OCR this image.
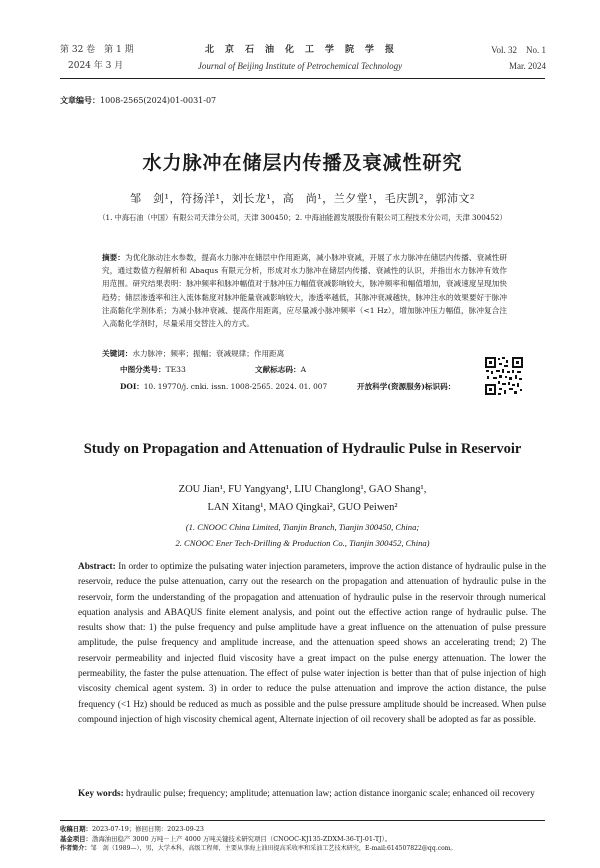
第 32 卷　第 1 期
2024 年 3 月
北　京　石　油　化　工　学　院　学　报
Journal of Beijing Institute of Petrochemical Technology
Vol. 32　No. 1
Mar. 2024
文章编号：1008-2565(2024)01-0031-07
水力脉冲在储层内传播及衰减性研究
邹　剑¹，符扬洋¹，刘长龙¹，高　尚¹，兰夕堂¹，毛庆凯²，郭沛文²
（1. 中海石油（中国）有限公司天津分公司，天津 300450；2. 中海油能源发展股份有限公司工程技术分公司，天津 300452）
摘要：为优化脉动注水参数，提高水力脉冲在储层中作用距离，减小脉冲衰减，开展了水力脉冲在储层内传播、衰减性研究，通过数值方程解析和 Abaqus 有限元分析，形成对水力脉冲在储层内传播、衰减性的认识，并指出水力脉冲有效作用范围。研究结果表明：脉冲频率和脉冲幅值对于脉冲压力幅值衰减影响较大，脉冲频率和幅值增加，衰减速度呈现加快趋势；储层渗透率和注入流体黏度对脉冲能量衰减影响较大，渗透率越低，其脉冲衰减越快，脉冲注水的效果要好于脉冲注高黏化学剂体系；为减小脉冲衰减、提高作用距离，应尽量减小脉冲频率（<1 Hz），增加脉冲压力幅值，脉冲复合注入高黏化学剂时，尽量采用交替注入的方式。
关键词：水力脉冲；频率；振幅；衰减规律；作用距离
中图分类号：TE33	文献标志码：A
DOI：10. 19770/j. cnki. issn. 1008-2565. 2024. 01. 007	开放科学(资源服务)标识码：
Study on Propagation and Attenuation of Hydraulic Pulse in Reservoir
ZOU Jian¹, FU Yangyang¹, LIU Changlong¹, GAO Shang¹,
LAN Xitang¹, MAO Qingkai², GUO Peiwen²
(1. CNOOC China Limited, Tianjin Branch, Tianjin 300450, China;
2. CNOOC Ener Tech-Drilling & Production Co., Tianjin 300452, China)
Abstract: In order to optimize the pulsating water injection parameters, improve the action distance of hydraulic pulse in the reservoir, reduce the pulse attenuation, carry out the research on the propagation and attenuation of hydraulic pulse in the reservoir, form the understanding of the propagation and attenuation of hydraulic pulse in the reservoir through numerical equation analysis and ABAQUS finite element analysis, and point out the effective action range of hydraulic pulse. The results show that: 1) the pulse frequency and pulse amplitude have a great influence on the attenuation of pulse pressure amplitude, the pulse frequency and amplitude increase, and the attenuation speed shows an accelerating trend; 2) The reservoir permeability and injected fluid viscosity have a great impact on the pulse energy attenuation. The lower the permeability, the faster the pulse attenuation. The effect of pulse water injection is better than that of pulse injection of high viscosity chemical agent system. 3) in order to reduce the pulse attenuation and improve the action distance, the pulse frequency (<1 Hz) should be reduced as much as possible and the pulse pressure amplitude should be increased. When pulse compound injection of high viscosity chemical agent, Alternate injection of oil recovery shall be adopted as far as possible.
Key words: hydraulic pulse; frequency; amplitude; attenuation law; action distance inorganic scale; enhanced oil recovery
收稿日期：2023-07-19；修回日期：2023-09-23
基金项目：渤海油田稳产 3000 万吨－上产 4000 万吨关键技术研究项目（CNOOC-KJ135-ZDXM-36-TJ-01-TJ）。
作者简介：邹　剑（1989—），男，大学本科，高级工程师，主要从事海上油田提高采收率和采油工艺技术研究，E-mail:614507822@qq.com。
